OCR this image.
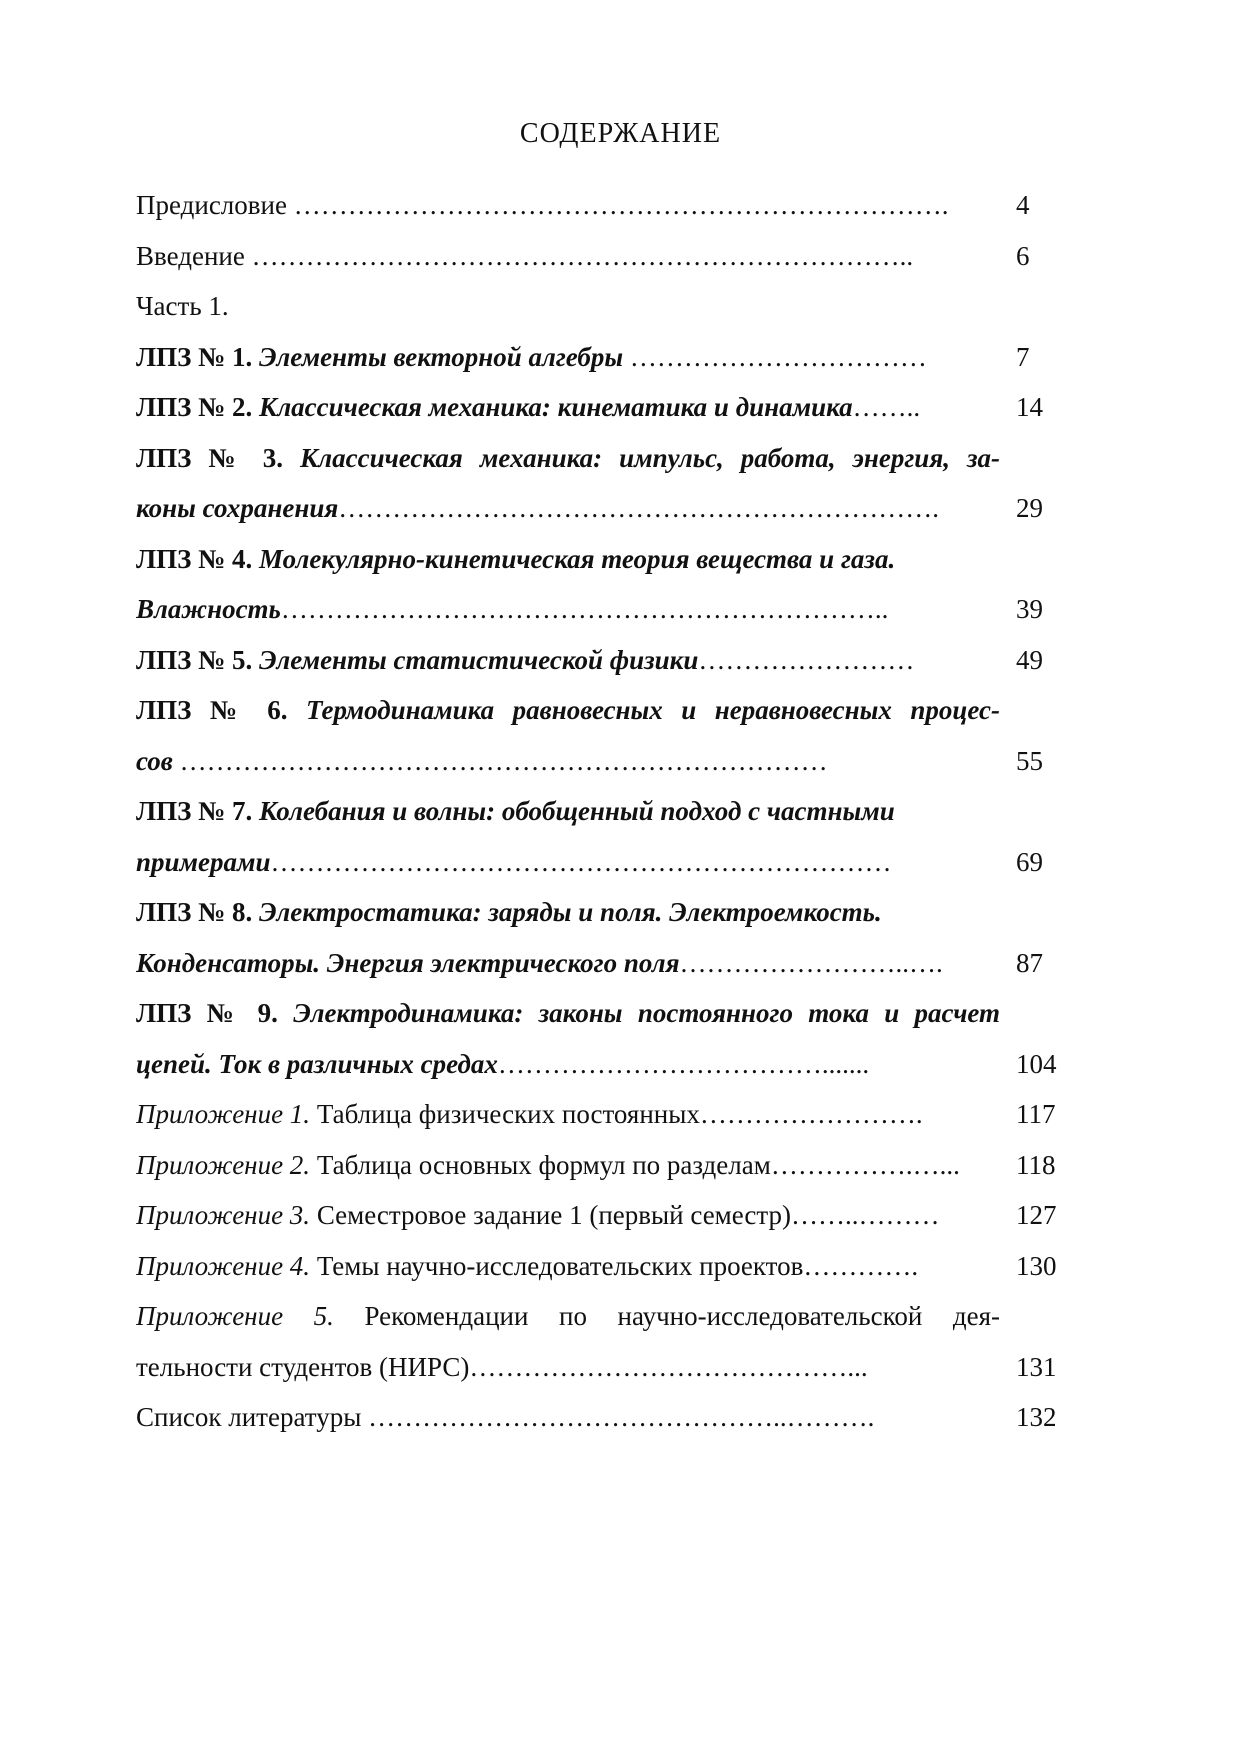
СОДЕРЖАНИЕ
Предисловие ……………………………………………………………….	4
Введение ………………………………………………………………..	6
Часть 1.
ЛПЗ № 1. Элементы векторной алгебры ……………………………	7
ЛПЗ № 2. Классическая механика: кинематика и динамика……..	14
ЛПЗ № 3. Классическая механика: импульс, работа, энергия, за-
коны сохранения………………………………………………………….	29
ЛПЗ № 4. Молекулярно-кинетическая теория вещества и газа.
Влажность…………………………………………………………..	39
ЛПЗ № 5. Элементы статистической физики……………………	49
ЛПЗ № 6. Термодинамика равновесных и неравновесных процес-
сов ………………………………………………………………	55
ЛПЗ № 7. Колебания и волны: обобщенный подход с частными
примерами……………………………………………………………	69
ЛПЗ № 8. Электростатика: заряды и поля. Электроемкость.
Конденсаторы. Энергия электрического поля……………………..….	87
ЛПЗ № 9. Электродинамика: законы постоянного тока и расчет
цепей. Ток в различных средах……………………………….......	104
Приложение 1. Таблица физических постоянных…………………….	117
Приложение 2. Таблица основных формул по разделам…………….…...	118
Приложение 3. Семестровое задание 1 (первый семестр)……..………	127
Приложение 4. Темы научно-исследовательских проектов………….	130
Приложение 5. Рекомендации по научно-исследовательской дея-
тельности студентов (НИРС)……………………………………...	131
Список литературы ………………………………………..……….	132
